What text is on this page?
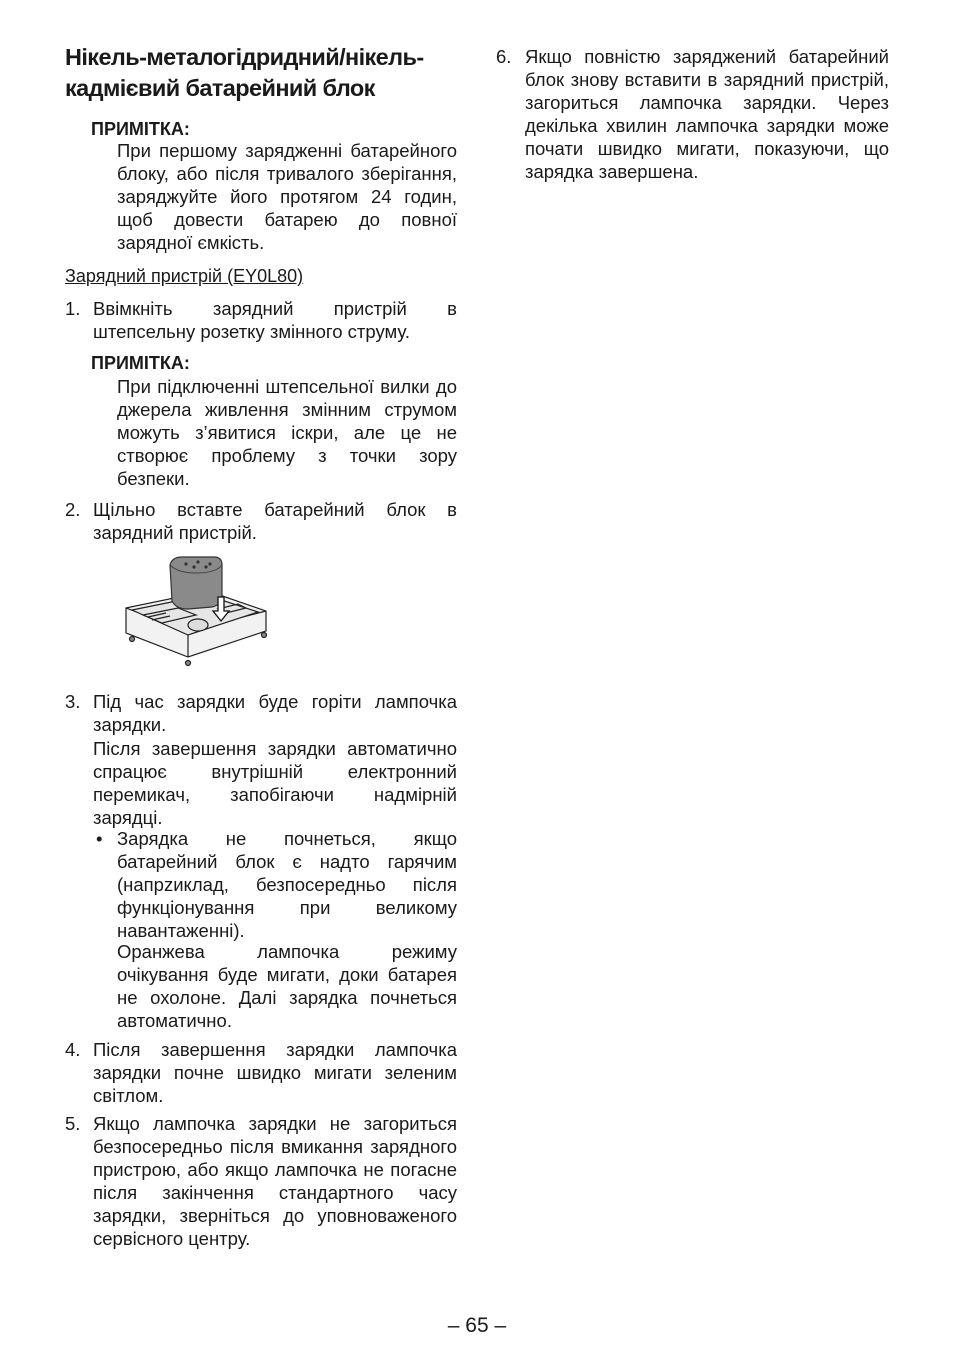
Нікель-металогідридний/нікель-кадмієвий батарейний блок
ПРИМІТКА:
При першому зарядженні батарейного блоку, або після тривалого зберігання, заряджуйте його протягом 24 годин, щоб довести батарею до повної зарядної ємкість.
Зарядний пристрій (EY0L80)
1. Ввімкніть зарядний пристрій в штепсельну розетку змінного струму.
ПРИМІТКА:
При підключенні штепсельної вилки до джерела живлення змінним струмом можуть з’явитися іскри, але це не створює проблему з точки зору безпеки.
2. Щільно вставте батарейний блок в зарядний пристрій.
3. Під час зарядки буде горіти лампочка зарядки.
Після завершення зарядки автоматично спрацює внутрішній електронний перемикач, запобігаючи надмірній зарядці.
• Зарядка не почнеться, якщо батарейний блок є надто гарячим (напрzиклад, безпосередньо після функціонування при великому навантаженні).
Оранжева лампочка режиму очікування буде мигати, доки батарея не охолоне. Далі зарядка почнеться автоматично.
4. Після завершення зарядки лампочка зарядки почне швидко мигати зеленим світлом.
5. Якщо лампочка зарядки не загориться безпосередньо після вмикання зарядного пристрою, або якщо лампочка не погасне після закінчення стандартного часу зарядки, зверніться до уповноваженого сервісного центру.
6. Якщо повністю заряджений батарейний блок знову вставити в зарядний пристрій, загориться лампочка зарядки. Через декілька хвилин лампочка зарядки може почати швидко мигати, показуючи, що зарядка завершена.
– 65 –
